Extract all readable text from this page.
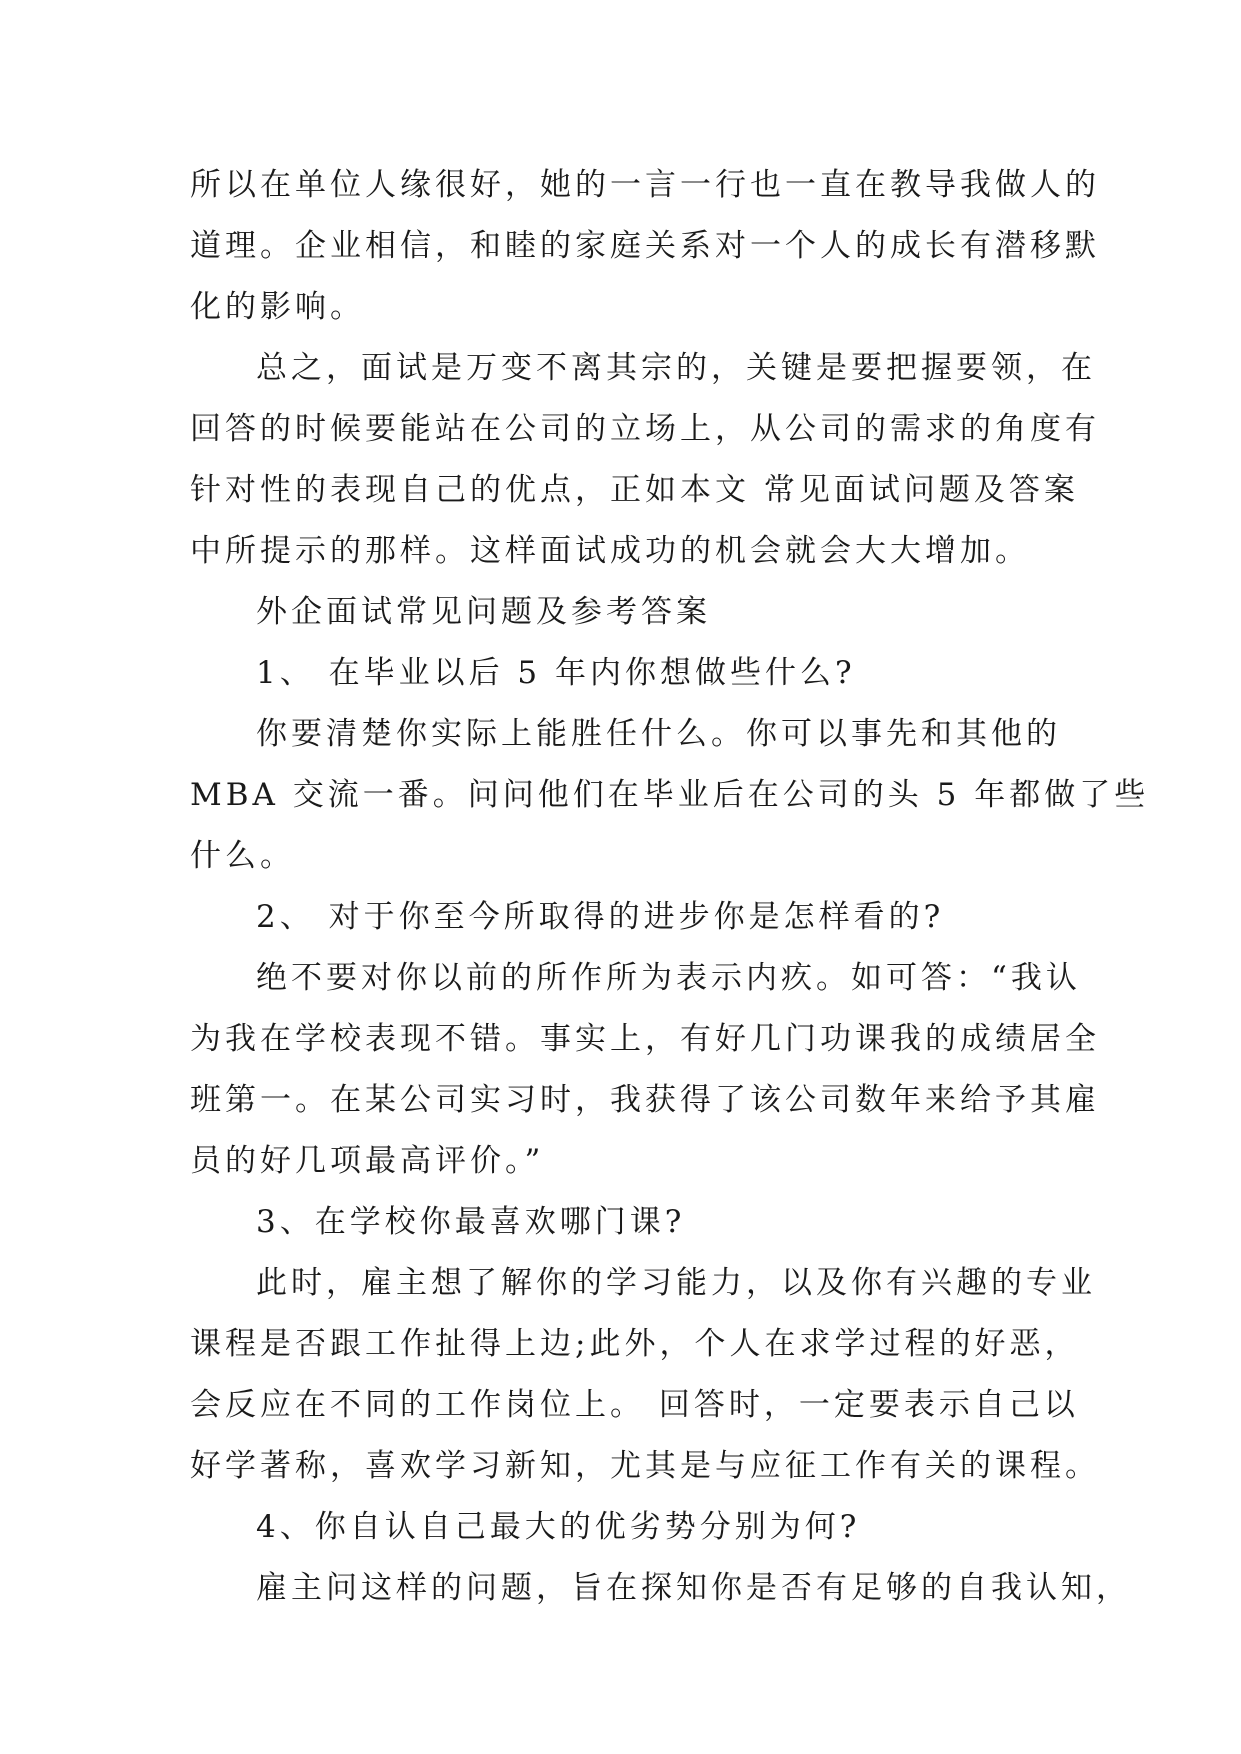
所以在单位人缘很好，她的一言一行也一直在教导我做人的
道理。企业相信，和睦的家庭关系对一个人的成长有潜移默
化的影响。
总之，面试是万变不离其宗的，关键是要把握要领，在
回答的时候要能站在公司的立场上，从公司的需求的角度有
针对性的表现自己的优点，正如本文 常见面试问题及答案
中所提示的那样。这样面试成功的机会就会大大增加。
外企面试常见问题及参考答案
1、 在毕业以后 5 年内你想做些什么?
你要清楚你实际上能胜任什么。你可以事先和其他的
MBA 交流一番。问问他们在毕业后在公司的头 5 年都做了些
什么。
2、 对于你至今所取得的进步你是怎样看的?
绝不要对你以前的所作所为表示内疚。如可答：“我认
为我在学校表现不错。事实上，有好几门功课我的成绩居全
班第一。在某公司实习时，我获得了该公司数年来给予其雇
员的好几项最高评价。”
3、在学校你最喜欢哪门课?
此时，雇主想了解你的学习能力，以及你有兴趣的专业
课程是否跟工作扯得上边;此外，个人在求学过程的好恶，
会反应在不同的工作岗位上。 回答时，一定要表示自己以
好学著称，喜欢学习新知，尤其是与应征工作有关的课程。
4、你自认自己最大的优劣势分别为何?
雇主问这样的问题，旨在探知你是否有足够的自我认知，
